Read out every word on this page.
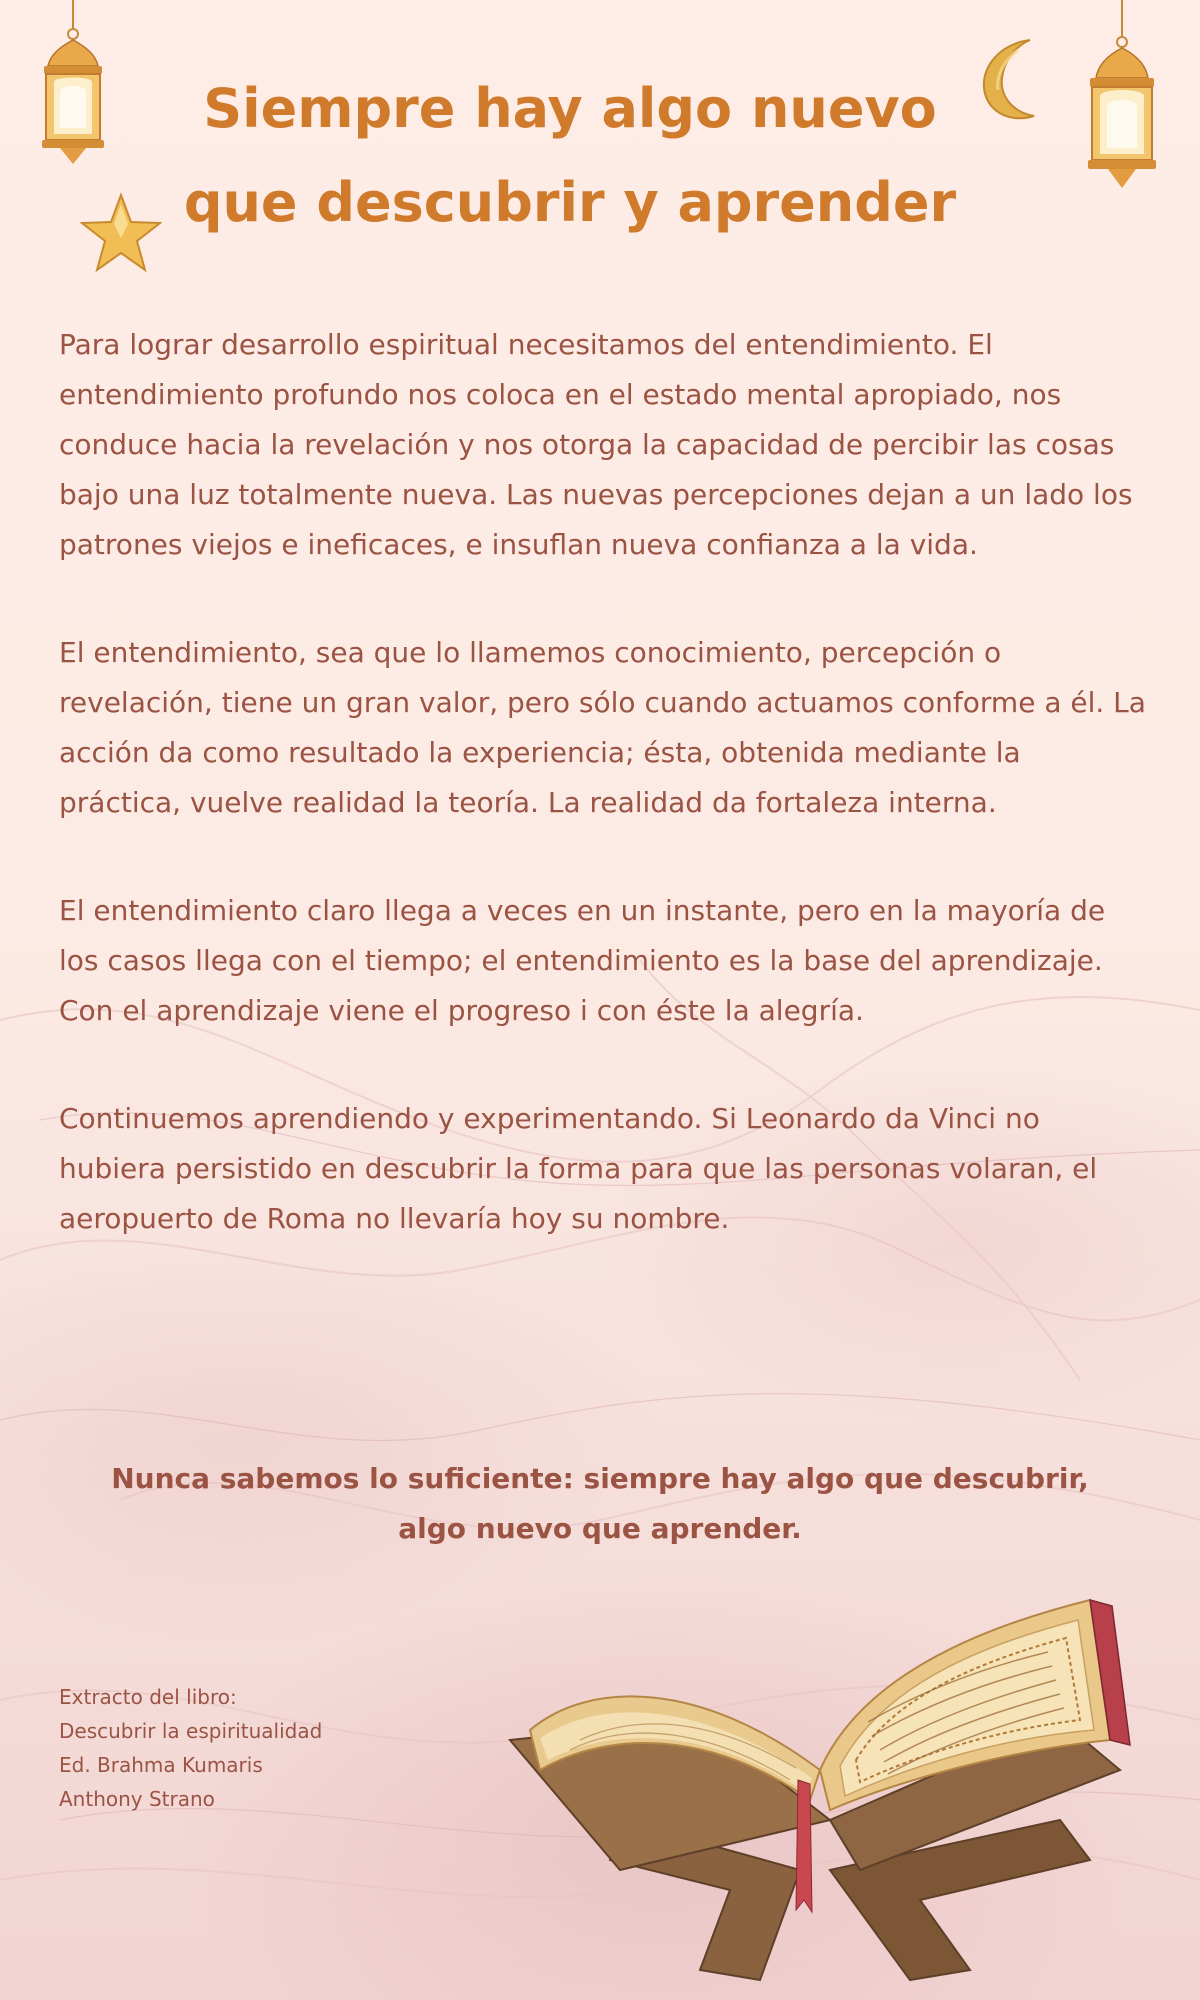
Siempre hay algo nuevo
que descubrir y aprender

Para lograr desarrollo espiritual necesitamos del entendimiento. El entendimiento profundo nos coloca en el estado mental apropiado, nos conduce hacia la revelación y nos otorga la capacidad de percibir las cosas bajo una luz totalmente nueva. Las nuevas percepciones dejan a un lado los patrones viejos e ineficaces, e insuflan nueva confianza a la vida.

El entendimiento, sea que lo llamemos conocimiento, percepción o revelación, tiene un gran valor, pero sólo cuando actuamos conforme a él. La acción da como resultado la experiencia; ésta, obtenida mediante la práctica, vuelve realidad la teoría. La realidad da fortaleza interna.

El entendimiento claro llega a veces en un instante, pero en la mayoría de los casos llega con el tiempo; el entendimiento es la base del aprendizaje. Con el aprendizaje viene el progreso i con éste la alegría.

Continuemos aprendiendo y experimentando. Si Leonardo da Vinci no hubiera persistido en descubrir la forma para que las personas volaran, el aeropuerto de Roma no llevaría hoy su nombre.

Nunca sabemos lo suficiente: siempre hay algo que descubrir,
algo nuevo que aprender.
Extracto del libro:
Descubrir la espiritualidad
Ed. Brahma Kumaris
Anthony Strano
